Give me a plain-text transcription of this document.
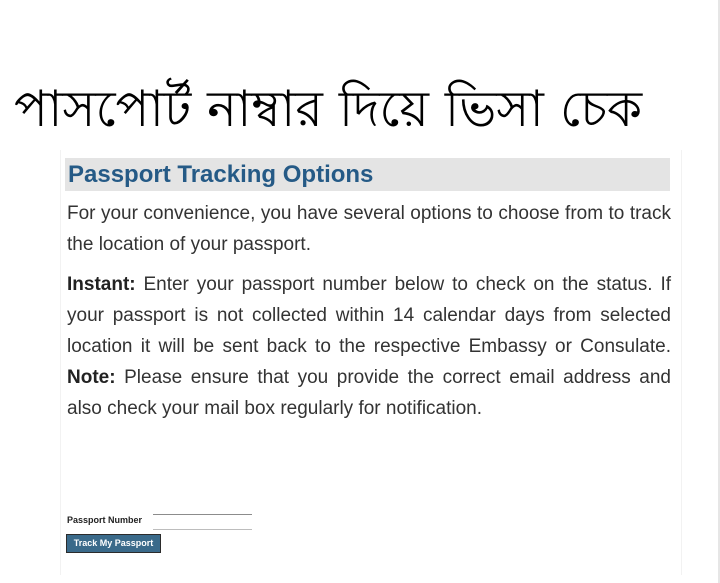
পাসপোর্ট নাম্বার দিয়ে ভিসা চেক
Passport Tracking Options
For your convenience, you have several options to choose from to track the location of your passport.
Instant: Enter your passport number below to check on the status. If your passport is not collected within 14 calendar days from selected location it will be sent back to the respective Embassy or Consulate. Note: Please ensure that you provide the correct email address and also check your mail box regularly for notification.
Passport Number
Track My Passport
